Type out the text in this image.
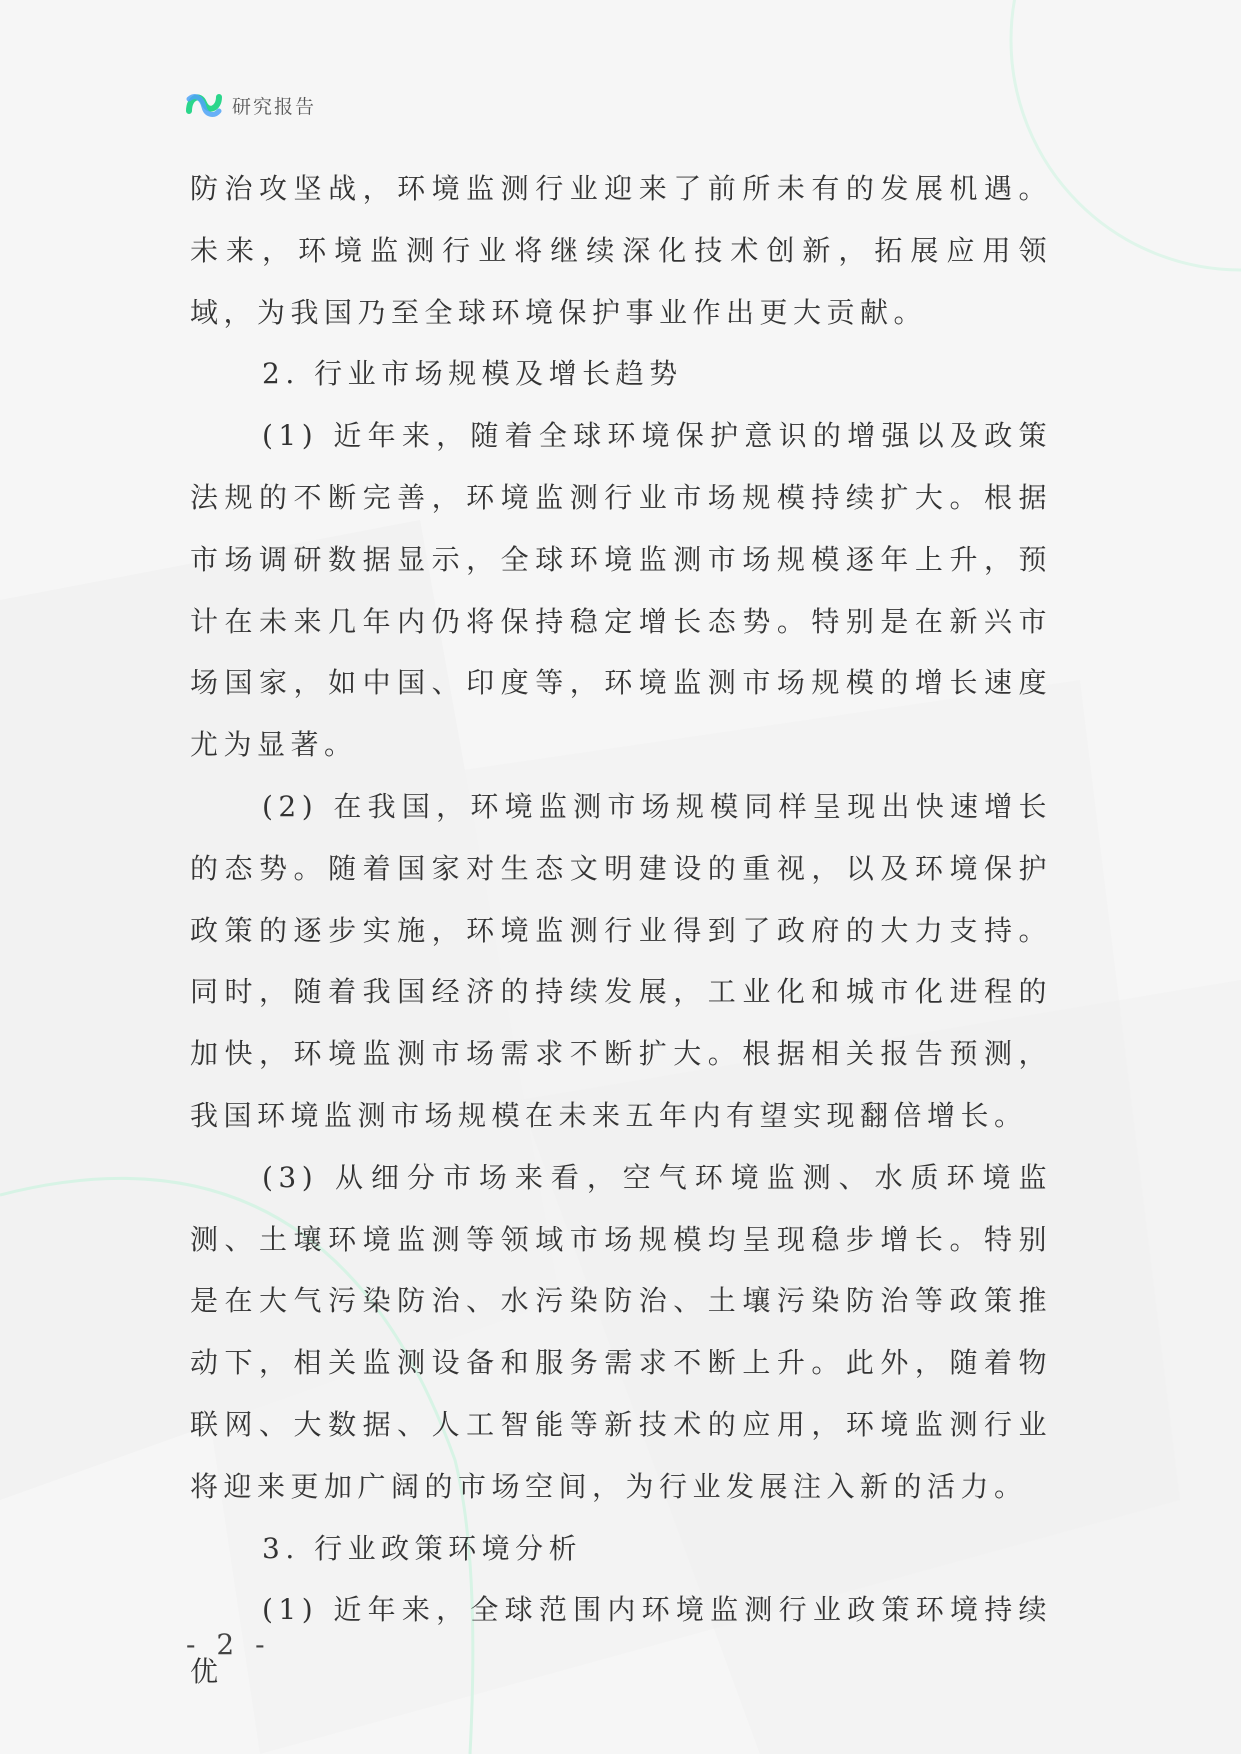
研究报告

防治攻坚战，环境监测行业迎来了前所未有的发展机遇。未来，环境监测行业将继续深化技术创新，拓展应用领域，为我国乃至全球环境保护事业作出更大贡献。

2. 行业市场规模及增长趋势

(1) 近年来，随着全球环境保护意识的增强以及政策法规的不断完善，环境监测行业市场规模持续扩大。根据市场调研数据显示，全球环境监测市场规模逐年上升，预计在未来几年内仍将保持稳定增长态势。特别是在新兴市场国家，如中国、印度等，环境监测市场规模的增长速度尤为显著。

(2) 在我国，环境监测市场规模同样呈现出快速增长的态势。随着国家对生态文明建设的重视，以及环境保护政策的逐步实施，环境监测行业得到了政府的大力支持。同时，随着我国经济的持续发展，工业化和城市化进程的加快，环境监测市场需求不断扩大。根据相关报告预测，我国环境监测市场规模在未来五年内有望实现翻倍增长。

(3) 从细分市场来看，空气环境监测、水质环境监测、土壤环境监测等领域市场规模均呈现稳步增长。特别是在大气污染防治、水污染防治、土壤污染防治等政策推动下，相关监测设备和服务需求不断上升。此外，随着物联网、大数据、人工智能等新技术的应用，环境监测行业将迎来更加广阔的市场空间，为行业发展注入新的活力。

3. 行业政策环境分析

(1) 近年来，全球范围内环境监测行业政策环境持续优

- 2 -
